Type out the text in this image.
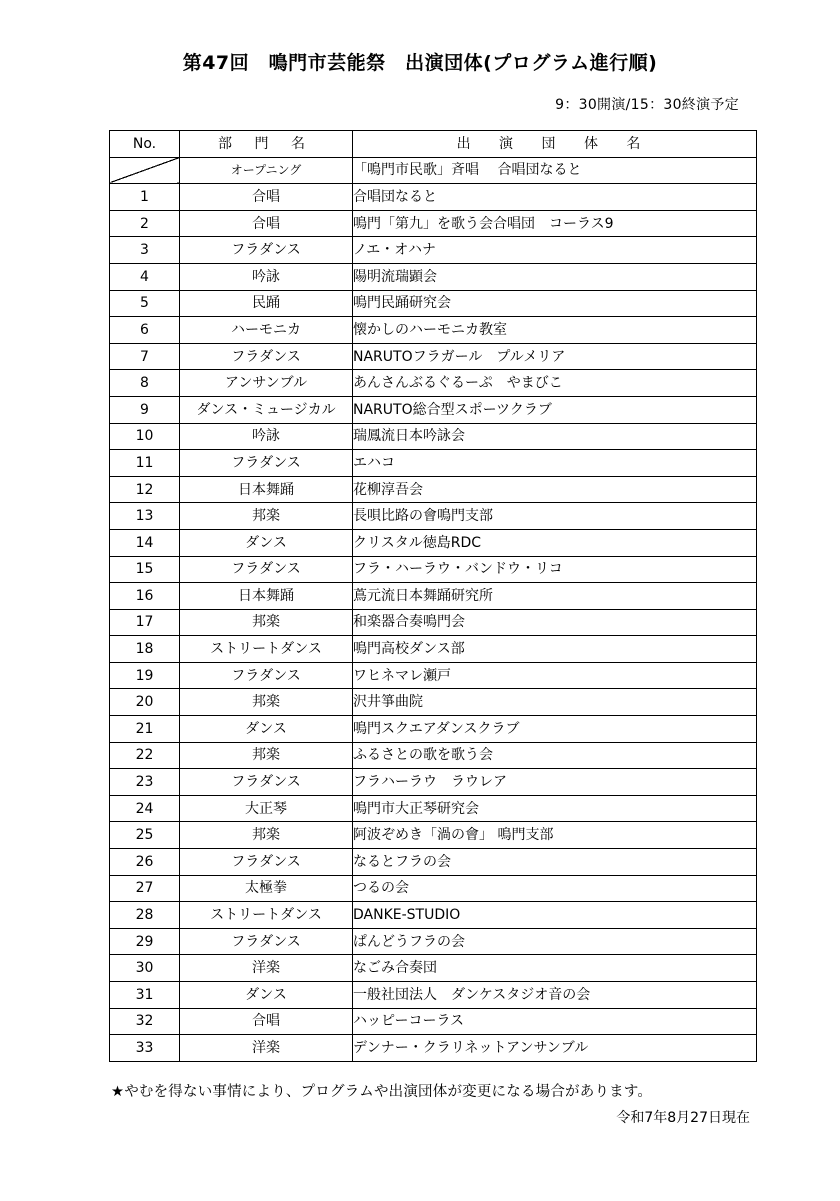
第47回　鳴門市芸能祭　出演団体(プログラム進行順)
9：30開演/15：30終演予定
No.	部 門 名	出 演 団 体 名
	オープニング	「鳴門市民歌」斉唱　 合唱団なると
1	合唱	合唱団なると
2	合唱	鳴門「第九」を歌う会合唱団　コーラス9
3	フラダンス	ノエ・オハナ
4	吟詠	陽明流瑞顕会
5	民踊	鳴門民踊研究会
6	ハーモニカ	懐かしのハーモニカ教室
7	フラダンス	NARUTOフラガール　プルメリア
8	アンサンブル	あんさんぶるぐるーぷ　やまびこ
9	ダンス・ミュージカル	NARUTO総合型スポーツクラブ
10	吟詠	瑞鳳流日本吟詠会
11	フラダンス	エハコ
12	日本舞踊	花柳淳吾会
13	邦楽	長唄比路の會鳴門支部
14	ダンス	クリスタル徳島RDC
15	フラダンス	フラ・ハーラウ・バンドウ・リコ
16	日本舞踊	蔦元流日本舞踊研究所
17	邦楽	和楽器合奏鳴門会
18	ストリートダンス	鳴門高校ダンス部
19	フラダンス	ワヒネマレ瀬戸
20	邦楽	沢井箏曲院
21	ダンス	鳴門スクエアダンスクラブ
22	邦楽	ふるさとの歌を歌う会
23	フラダンス	フラハーラウ　ラウレア
24	大正琴	鳴門市大正琴研究会
25	邦楽	阿波ぞめき「渦の會」 鳴門支部
26	フラダンス	なるとフラの会
27	太極拳	つるの会
28	ストリートダンス	DANKE-STUDIO
29	フラダンス	ぱんどうフラの会
30	洋楽	なごみ合奏団
31	ダンス	一般社団法人　ダンケスタジオ音の会
32	合唱	ハッピーコーラス
33	洋楽	デンナー・クラリネットアンサンブル
★やむを得ない事情により、プログラムや出演団体が変更になる場合があります。
令和7年8月27日現在
